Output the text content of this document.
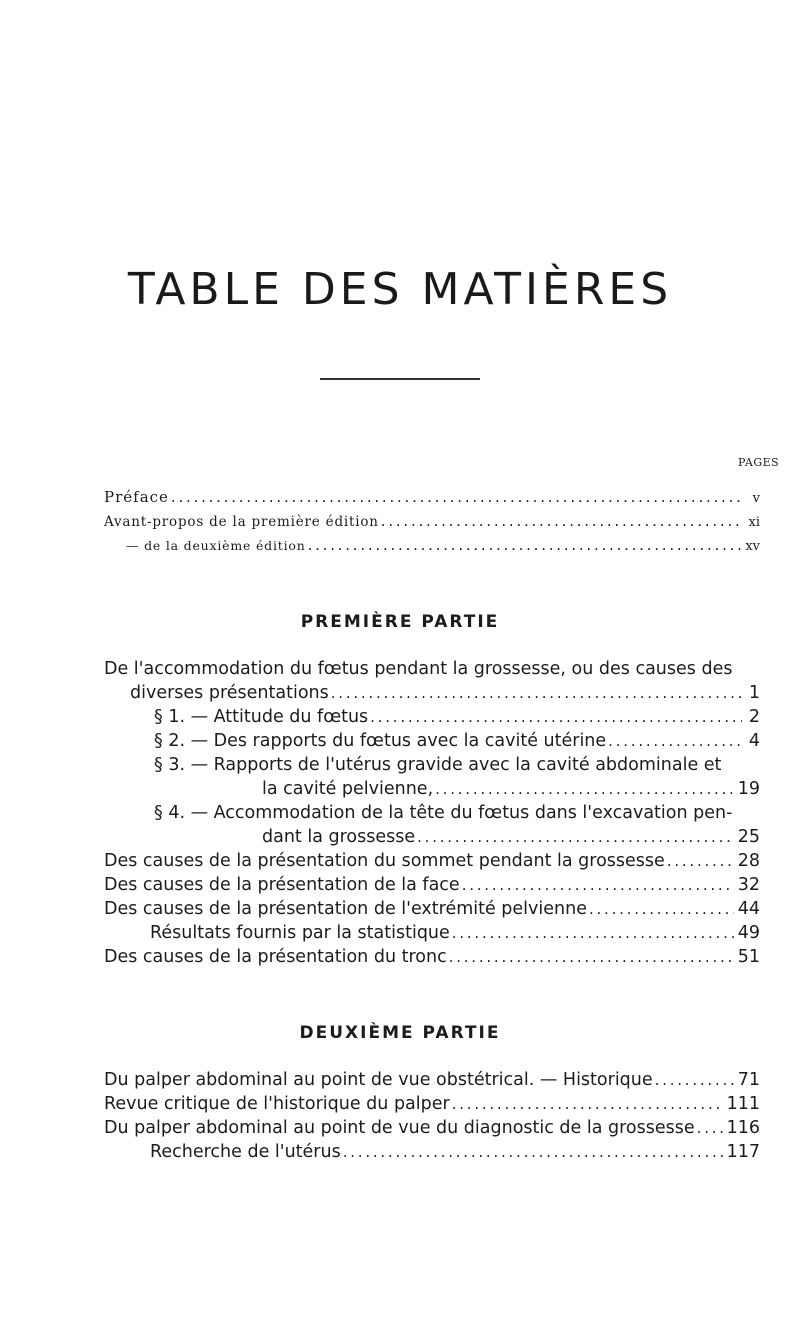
TABLE DES MATIÈRES
PAGES
Préface . . .	v
Avant-propos de la première édition . . .	xi
— de la deuxième édition . . .	xv
PREMIÈRE PARTIE
De l'accommodation du fœtus pendant la grossesse, ou des causes des
diverses présentations . . .	1
§ 1. — Attitude du fœtus . . .	2
§ 2. — Des rapports du fœtus avec la cavité utérine . . .	4
§ 3. — Rapports de l'utérus gravide avec la cavité abdominale et
la cavité pelvienne, . . .	19
§ 4. — Accommodation de la tête du fœtus dans l'excavation pen-
dant la grossesse . . .	25
Des causes de la présentation du sommet pendant la grossesse . . .	28
Des causes de la présentation de la face . . .	32
Des causes de la présentation de l'extrémité pelvienne . . .	44
Résultats fournis par la statistique . . .	49
Des causes de la présentation du tronc . . .	51
DEUXIÈME PARTIE
Du palper abdominal au point de vue obstétrical. — Historique . . .	71
Revue critique de l'historique du palper . . .	111
Du palper abdominal au point de vue du diagnostic de la grossesse . . . 116
Recherche de l'utérus . . .	117
